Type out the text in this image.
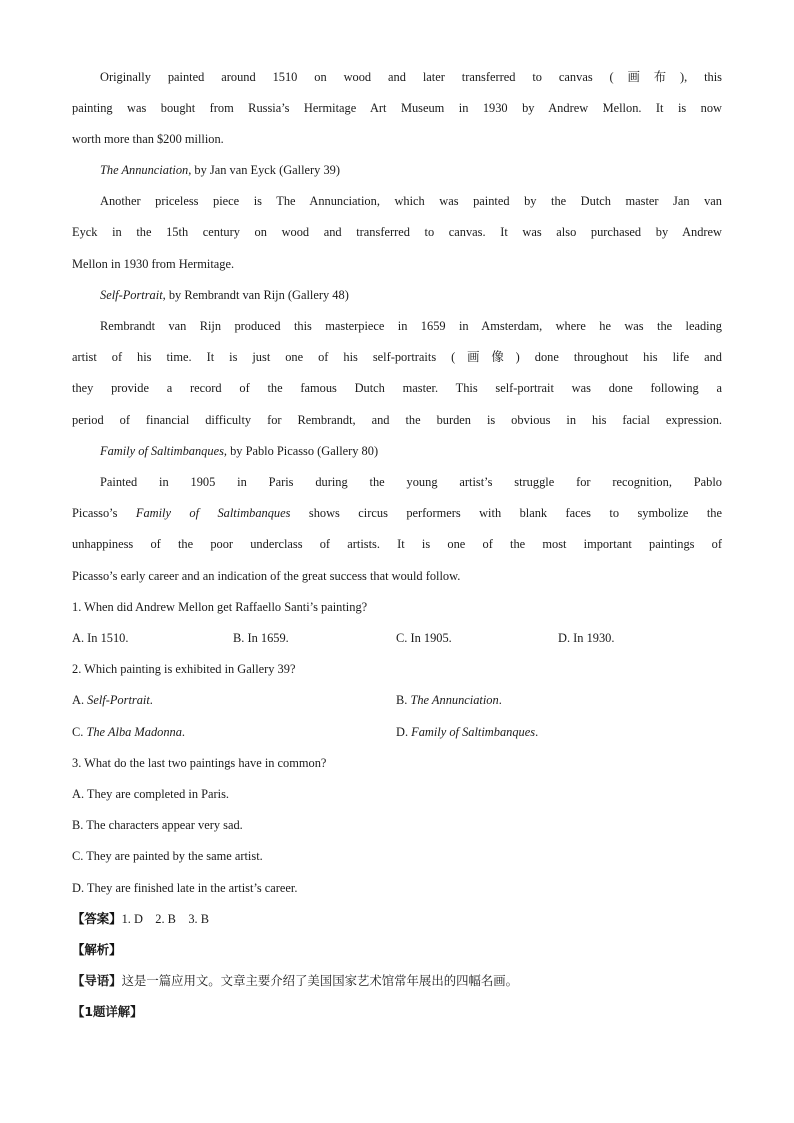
Originally painted around 1510 on wood and later transferred to canvas (画布), this
painting was bought from Russia’s Hermitage Art Museum in 1930 by Andrew Mellon. It is now
worth more than $200 million.
The Annunciation, by Jan van Eyck (Gallery 39)
Another priceless piece is The Annunciation, which was painted by the Dutch master Jan van
Eyck in the 15th century on wood and transferred to canvas. It was also purchased by Andrew
Mellon in 1930 from Hermitage.
Self-Portrait, by Rembrandt van Rijn (Gallery 48)
Rembrandt van Rijn produced this masterpiece in 1659 in Amsterdam, where he was the leading
artist of his time. It is just one of his self-portraits (画像) done throughout his life and
they provide a record of the famous Dutch master. This self-portrait was done following a
period of financial difficulty for Rembrandt, and the burden is obvious in his facial expression.
Family of Saltimbanques, by Pablo Picasso (Gallery 80)
Painted in 1905 in Paris during the young artist’s struggle for recognition, Pablo
Picasso’s Family of Saltimbanques shows circus performers with blank faces to symbolize the
unhappiness of the poor underclass of artists. It is one of the most important paintings of
Picasso’s early career and an indication of the great success that would follow.
1. When did Andrew Mellon get Raffaello Santi’s painting?
A. In 1510.	B. In 1659.	C. In 1905.	D. In 1930.
2. Which painting is exhibited in Gallery 39?
A. Self-Portrait.	B. The Annunciation.
C. The Alba Madonna.	D. Family of Saltimbanques.
3. What do the last two paintings have in common?
A. They are completed in Paris.
B. The characters appear very sad.
C. They are painted by the same artist.
D. They are finished late in the artist’s career.
【答案】1. D    2. B    3. B
【解析】
【导语】这是一篇应用文。文章主要介绍了美国国家艺术馆常年展出的四幅名画。
【1题详解】
